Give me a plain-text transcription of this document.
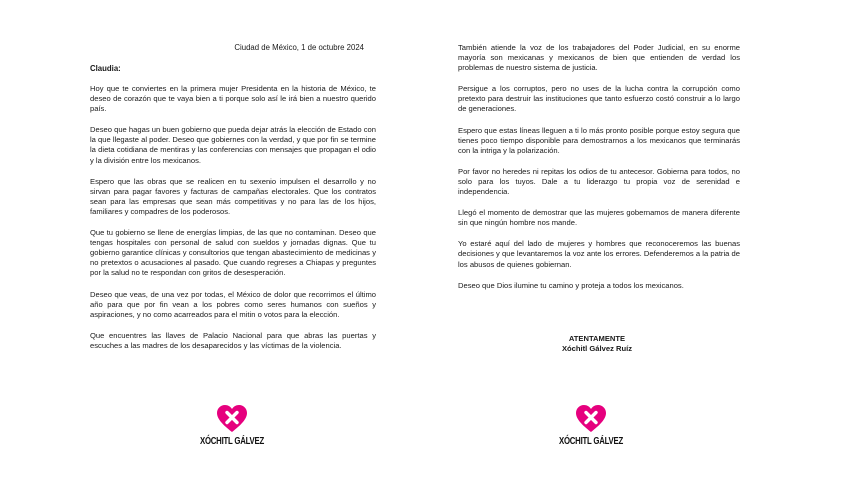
Ciudad de México, 1 de octubre 2024
Claudia:

Hoy que te conviertes en la primera mujer Presidenta en la historia de México, te deseo de corazón que te vaya bien a ti porque solo así le irá bien a nuestro querido país.

Deseo que hagas un buen gobierno que pueda dejar atrás la elección de Estado con la que llegaste al poder. Deseo que gobiernes con la verdad, y que por fin se termine la dieta cotidiana de mentiras y las conferencias con mensajes que propagan el odio y la división entre los mexicanos.

Espero que las obras que se realicen en tu sexenio impulsen el desarrollo y no sirvan para pagar favores y facturas de campañas electorales. Que los contratos sean para las empresas que sean más competitivas y no para las de los hijos, familiares y compadres de los poderosos.

Que tu gobierno se llene de energías limpias, de las que no contaminan. Deseo que tengas hospitales con personal de salud con sueldos y jornadas dignas. Que tu gobierno garantice clínicas y consultorios que tengan abastecimiento de medicinas y no pretextos o acusaciones al pasado. Que cuando regreses a Chiapas y preguntes por la salud no te respondan con gritos de desesperación.

Deseo que veas, de una vez por todas, el México de dolor que recorrimos el último año para que por fin vean a los pobres como seres humanos con sueños y aspiraciones, y no como acarreados para el mitin o votos para la elección.

Que encuentres las llaves de Palacio Nacional para que abras las puertas y escuches a las madres de los desaparecidos y las víctimas de la violencia.

XÓCHITL GÁLVEZ

También atiende la voz de los trabajadores del Poder Judicial, en su enorme mayoría son mexicanas y mexicanos de bien que entienden de verdad los problemas de nuestro sistema de justicia.

Persigue a los corruptos, pero no uses de la lucha contra la corrupción como pretexto para destruir las instituciones que tanto esfuerzo costó construir a lo largo de generaciones.

Espero que estas líneas lleguen a ti lo más pronto posible porque estoy segura que tienes poco tiempo disponible para demostrarnos a los mexicanos que terminarás con la intriga y la polarización.

Por favor no heredes ni repitas los odios de tu antecesor. Gobierna para todos, no solo para los tuyos. Dale a tu liderazgo tu propia voz de serenidad e independencia.

Llegó el momento de demostrar que las mujeres gobernamos de manera diferente sin que ningún hombre nos mande.

Yo estaré aquí del lado de mujeres y hombres que reconoceremos las buenas decisiones y que levantaremos la voz ante los errores. Defenderemos a la patria de los abusos de quienes gobiernan.

Deseo que Dios ilumine tu camino y proteja a todos los mexicanos.

ATENTAMENTE
Xóchitl Gálvez Ruíz
XÓCHITL GÁLVEZ
